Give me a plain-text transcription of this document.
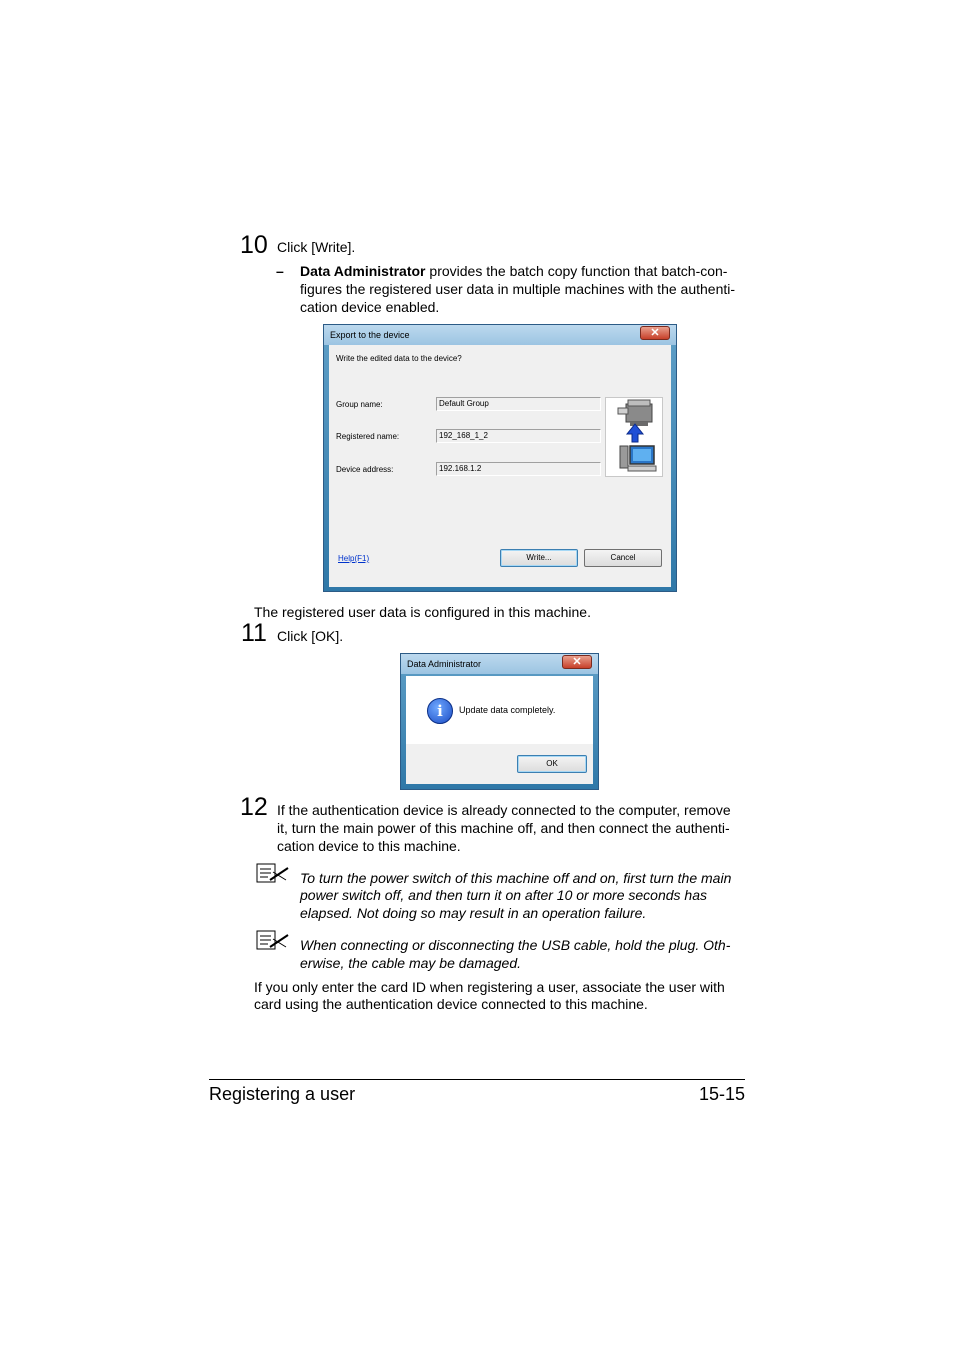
10 Click [Write].
– Data Administrator provides the batch copy function that batch-con-
figures the registered user data in multiple machines with the authenti-
cation device enabled.
Export to the device	✕
Write the edited data to the device?
Group name:	Default Group
Registered name:	192_168_1_2
Device address:	192.168.1.2
Help(F1)	Write...	Cancel
The registered user data is configured in this machine.
11 Click [OK].
Data Administrator	✕
i	Update data completely.
OK
12 If the authentication device is already connected to the computer, remove
it, turn the main power of this machine off, and then connect the authenti-
cation device to this machine.
To turn the power switch of this machine off and on, first turn the main
power switch off, and then turn it on after 10 or more seconds has
elapsed. Not doing so may result in an operation failure.
When connecting or disconnecting the USB cable, hold the plug. Oth-
erwise, the cable may be damaged.
If you only enter the card ID when registering a user, associate the user with
card using the authentication device connected to this machine.
Registering a user	15-15
